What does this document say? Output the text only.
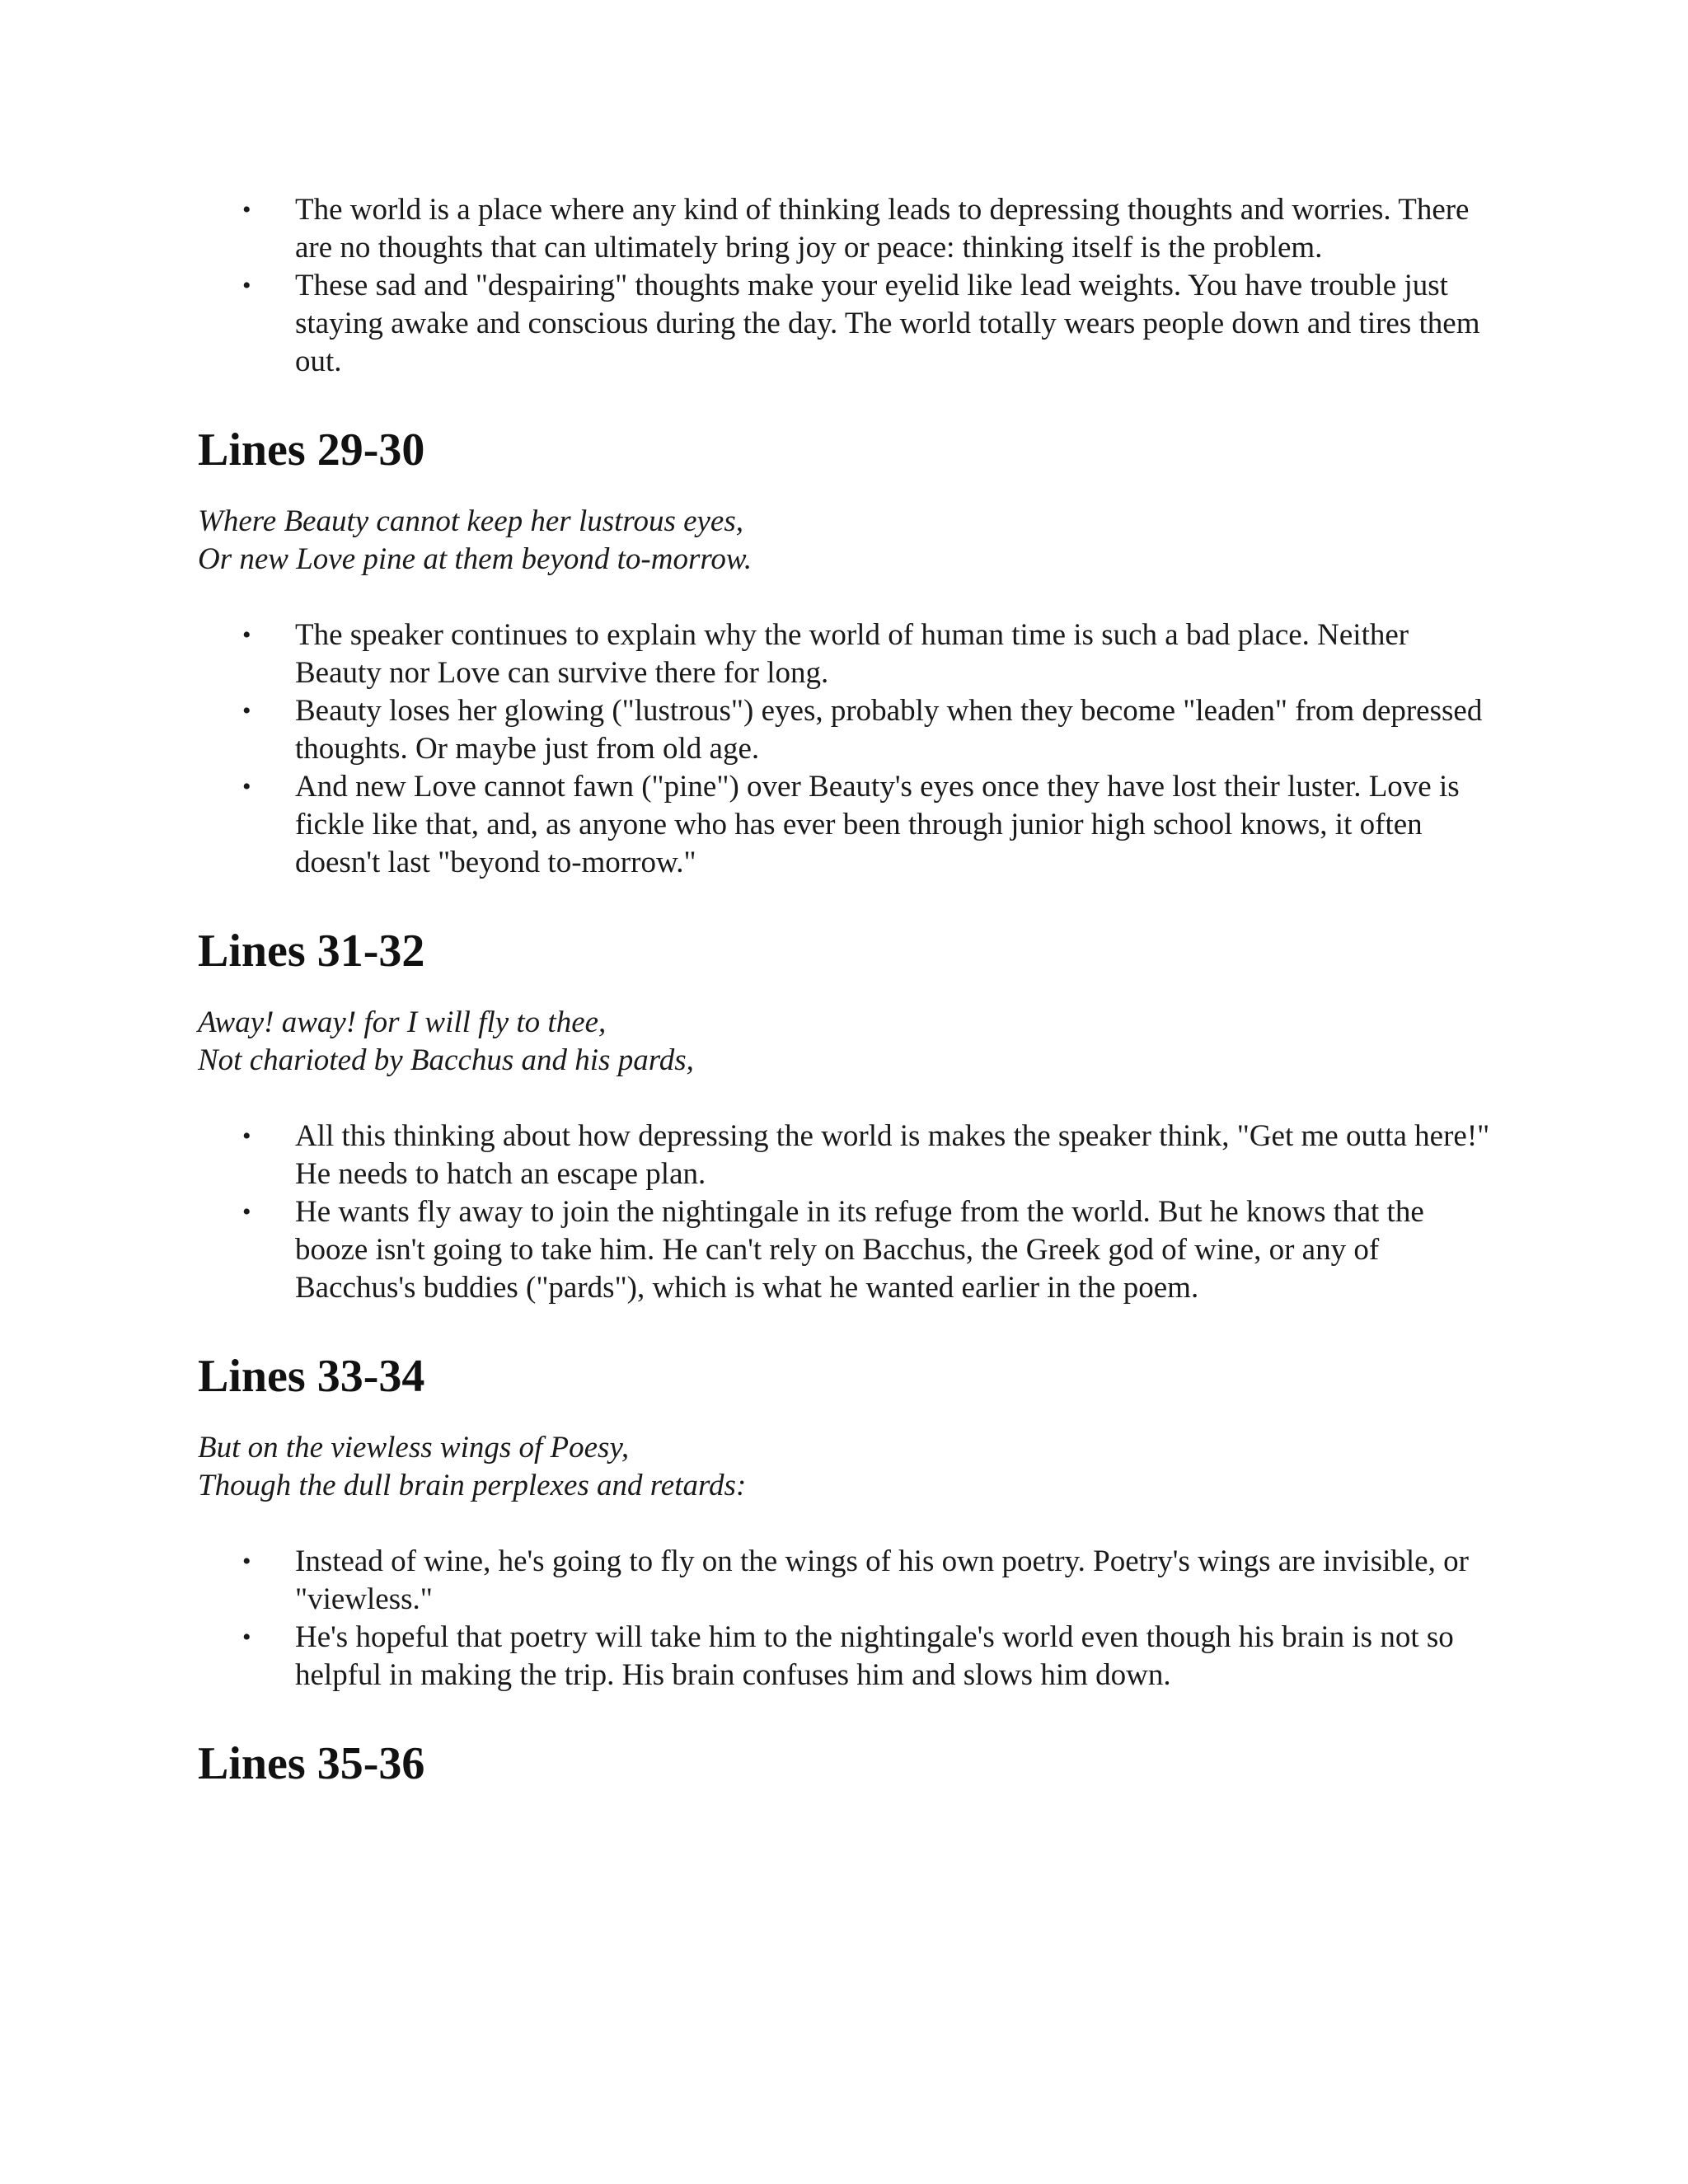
• The world is a place where any kind of thinking leads to depressing thoughts and worries. There are no thoughts that can ultimately bring joy or peace: thinking itself is the problem.
• These sad and "despairing" thoughts make your eyelid like lead weights. You have trouble just staying awake and conscious during the day. The world totally wears people down and tires them out.
Lines 29-30
Where Beauty cannot keep her lustrous eyes,
Or new Love pine at them beyond to-morrow.
• The speaker continues to explain why the world of human time is such a bad place. Neither Beauty nor Love can survive there for long.
• Beauty loses her glowing ("lustrous") eyes, probably when they become "leaden" from depressed thoughts. Or maybe just from old age.
• And new Love cannot fawn ("pine") over Beauty's eyes once they have lost their luster. Love is fickle like that, and, as anyone who has ever been through junior high school knows, it often doesn't last "beyond to-morrow."
Lines 31-32
Away! away! for I will fly to thee,
Not charioted by Bacchus and his pards,
• All this thinking about how depressing the world is makes the speaker think, "Get me outta here!" He needs to hatch an escape plan.
• He wants fly away to join the nightingale in its refuge from the world. But he knows that the booze isn't going to take him. He can't rely on Bacchus, the Greek god of wine, or any of Bacchus's buddies ("pards"), which is what he wanted earlier in the poem.
Lines 33-34
But on the viewless wings of Poesy,
Though the dull brain perplexes and retards:
• Instead of wine, he's going to fly on the wings of his own poetry. Poetry's wings are invisible, or "viewless."
• He's hopeful that poetry will take him to the nightingale's world even though his brain is not so helpful in making the trip. His brain confuses him and slows him down.
Lines 35-36
